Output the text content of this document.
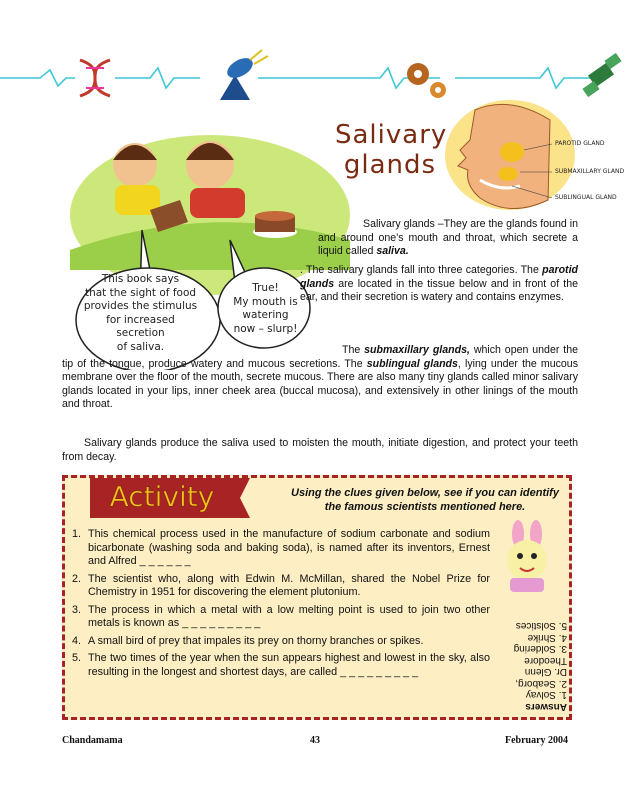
Salivary
glands
PAROTID GLAND
SUBMAXILLARY GLAND
SUBLINGUAL GLAND
This book says
that the sight of food
provides the stimulus
for increased
secretion
of saliva.
True!
My mouth is
watering
now – slurp!
Salivary glands –They are the glands found in and around one's mouth and throat, which secrete a liquid called saliva.
. The salivary glands fall into three categories. The parotid glands are located in the tissue below and in front of the ear, and their secretion is watery and contains enzymes.
The submaxillary glands, which open under the tip of the tongue, produce watery and mucous secretions. The sublingual glands, lying under the mucous membrane over the floor of the mouth, secrete mucous. There are also many tiny glands called minor salivary glands located in your lips, inner cheek area (buccal mucosa), and extensively in other linings of the mouth and throat.
Salivary glands produce the saliva used to moisten the mouth, initiate digestion, and protect your teeth from decay.
Activity	Using the clues given below, see if you can identify the famous scientists mentioned here.
1. This chemical process used in the manufacture of sodium carbonate and sodium bicarbonate (washing soda and baking soda), is named after its inventors, Ernest and Alfred _ _ _ _ _ _
2. The scientist who, along with Edwin M. McMillan, shared the Nobel Prize for Chemistry in 1951 for discovering the element plutonium.
3. The process in which a metal with a low melting point is used to join two other metals is known as _ _ _ _ _ _ _ _ _
4. A small bird of prey that impales its prey on thorny branches or spikes.
5. The two times of the year when the sun appears highest and lowest in the sky, also resulting in the longest and shortest days, are called _ _ _ _ _ _ _ _ _
Answers
1. Solvay
2. Seaborg,
Dr. Glenn
Theodore
3. Soldering
4. Shrike
5. Solstices
Chandamama	43	February 2004
